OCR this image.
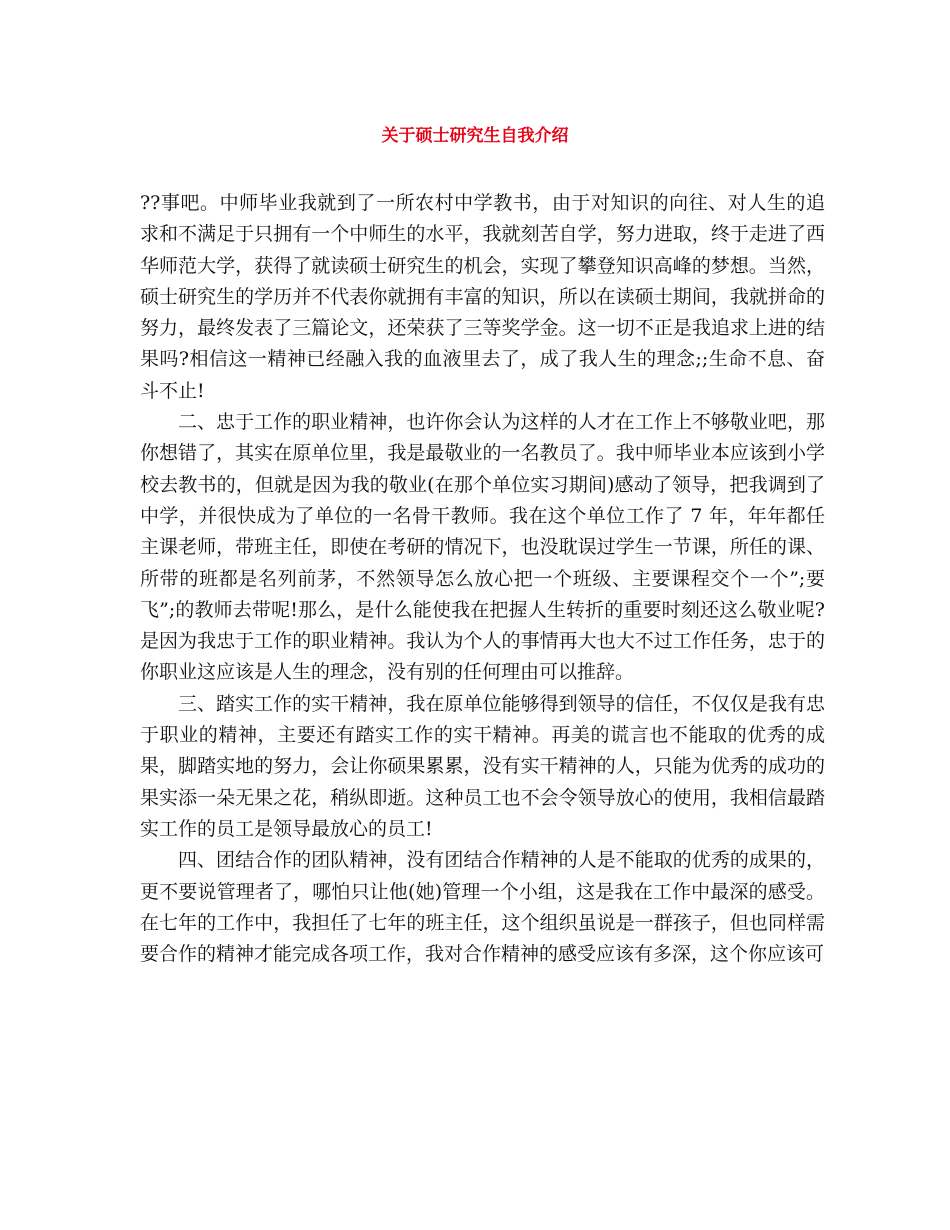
关于硕士研究生自我介绍

??事吧。中师毕业我就到了一所农村中学教书，由于对知识的向往、对人生的追求和不满足于只拥有一个中师生的水平，我就刻苦自学，努力进取，终于走进了西华师范大学，获得了就读硕士研究生的机会，实现了攀登知识高峰的梦想。当然，硕士研究生的学历并不代表你就拥有丰富的知识，所以在读硕士期间，我就拼命的努力，最终发表了三篇论文，还荣获了三等奖学金。这一切不正是我追求上进的结果吗?相信这一精神已经融入我的血液里去了，成了我人生的理念;;生命不息、奋斗不止!

二、忠于工作的职业精神，也许你会认为这样的人才在工作上不够敬业吧，那你想错了，其实在原单位里，我是最敬业的一名教员了。我中师毕业本应该到小学校去教书的，但就是因为我的敬业(在那个单位实习期间)感动了领导，把我调到了中学，并很快成为了单位的一名骨干教师。我在这个单位工作了 7 年，年年都任主课老师，带班主任，即使在考研的情况下，也没耽误过学生一节课，所任的课、所带的班都是名列前茅，不然领导怎么放心把一个班级、主要课程交个一个”;要飞”;的教师去带呢!那么，是什么能使我在把握人生转折的重要时刻还这么敬业呢?是因为我忠于工作的职业精神。我认为个人的事情再大也大不过工作任务，忠于的你职业这应该是人生的理念，没有别的任何理由可以推辞。

三、踏实工作的实干精神，我在原单位能够得到领导的信任，不仅仅是我有忠于职业的精神，主要还有踏实工作的实干精神。再美的谎言也不能取的优秀的成果，脚踏实地的努力，会让你硕果累累，没有实干精神的人，只能为优秀的成功的果实添一朵无果之花，稍纵即逝。这种员工也不会令领导放心的使用，我相信最踏实工作的员工是领导最放心的员工!

四、团结合作的团队精神，没有团结合作精神的人是不能取的优秀的成果的，更不要说管理者了，哪怕只让他(她)管理一个小组，这是我在工作中最深的感受。在七年的工作中，我担任了七年的班主任，这个组织虽说是一群孩子，但也同样需要合作的精神才能完成各项工作，我对合作精神的感受应该有多深，这个你应该可
